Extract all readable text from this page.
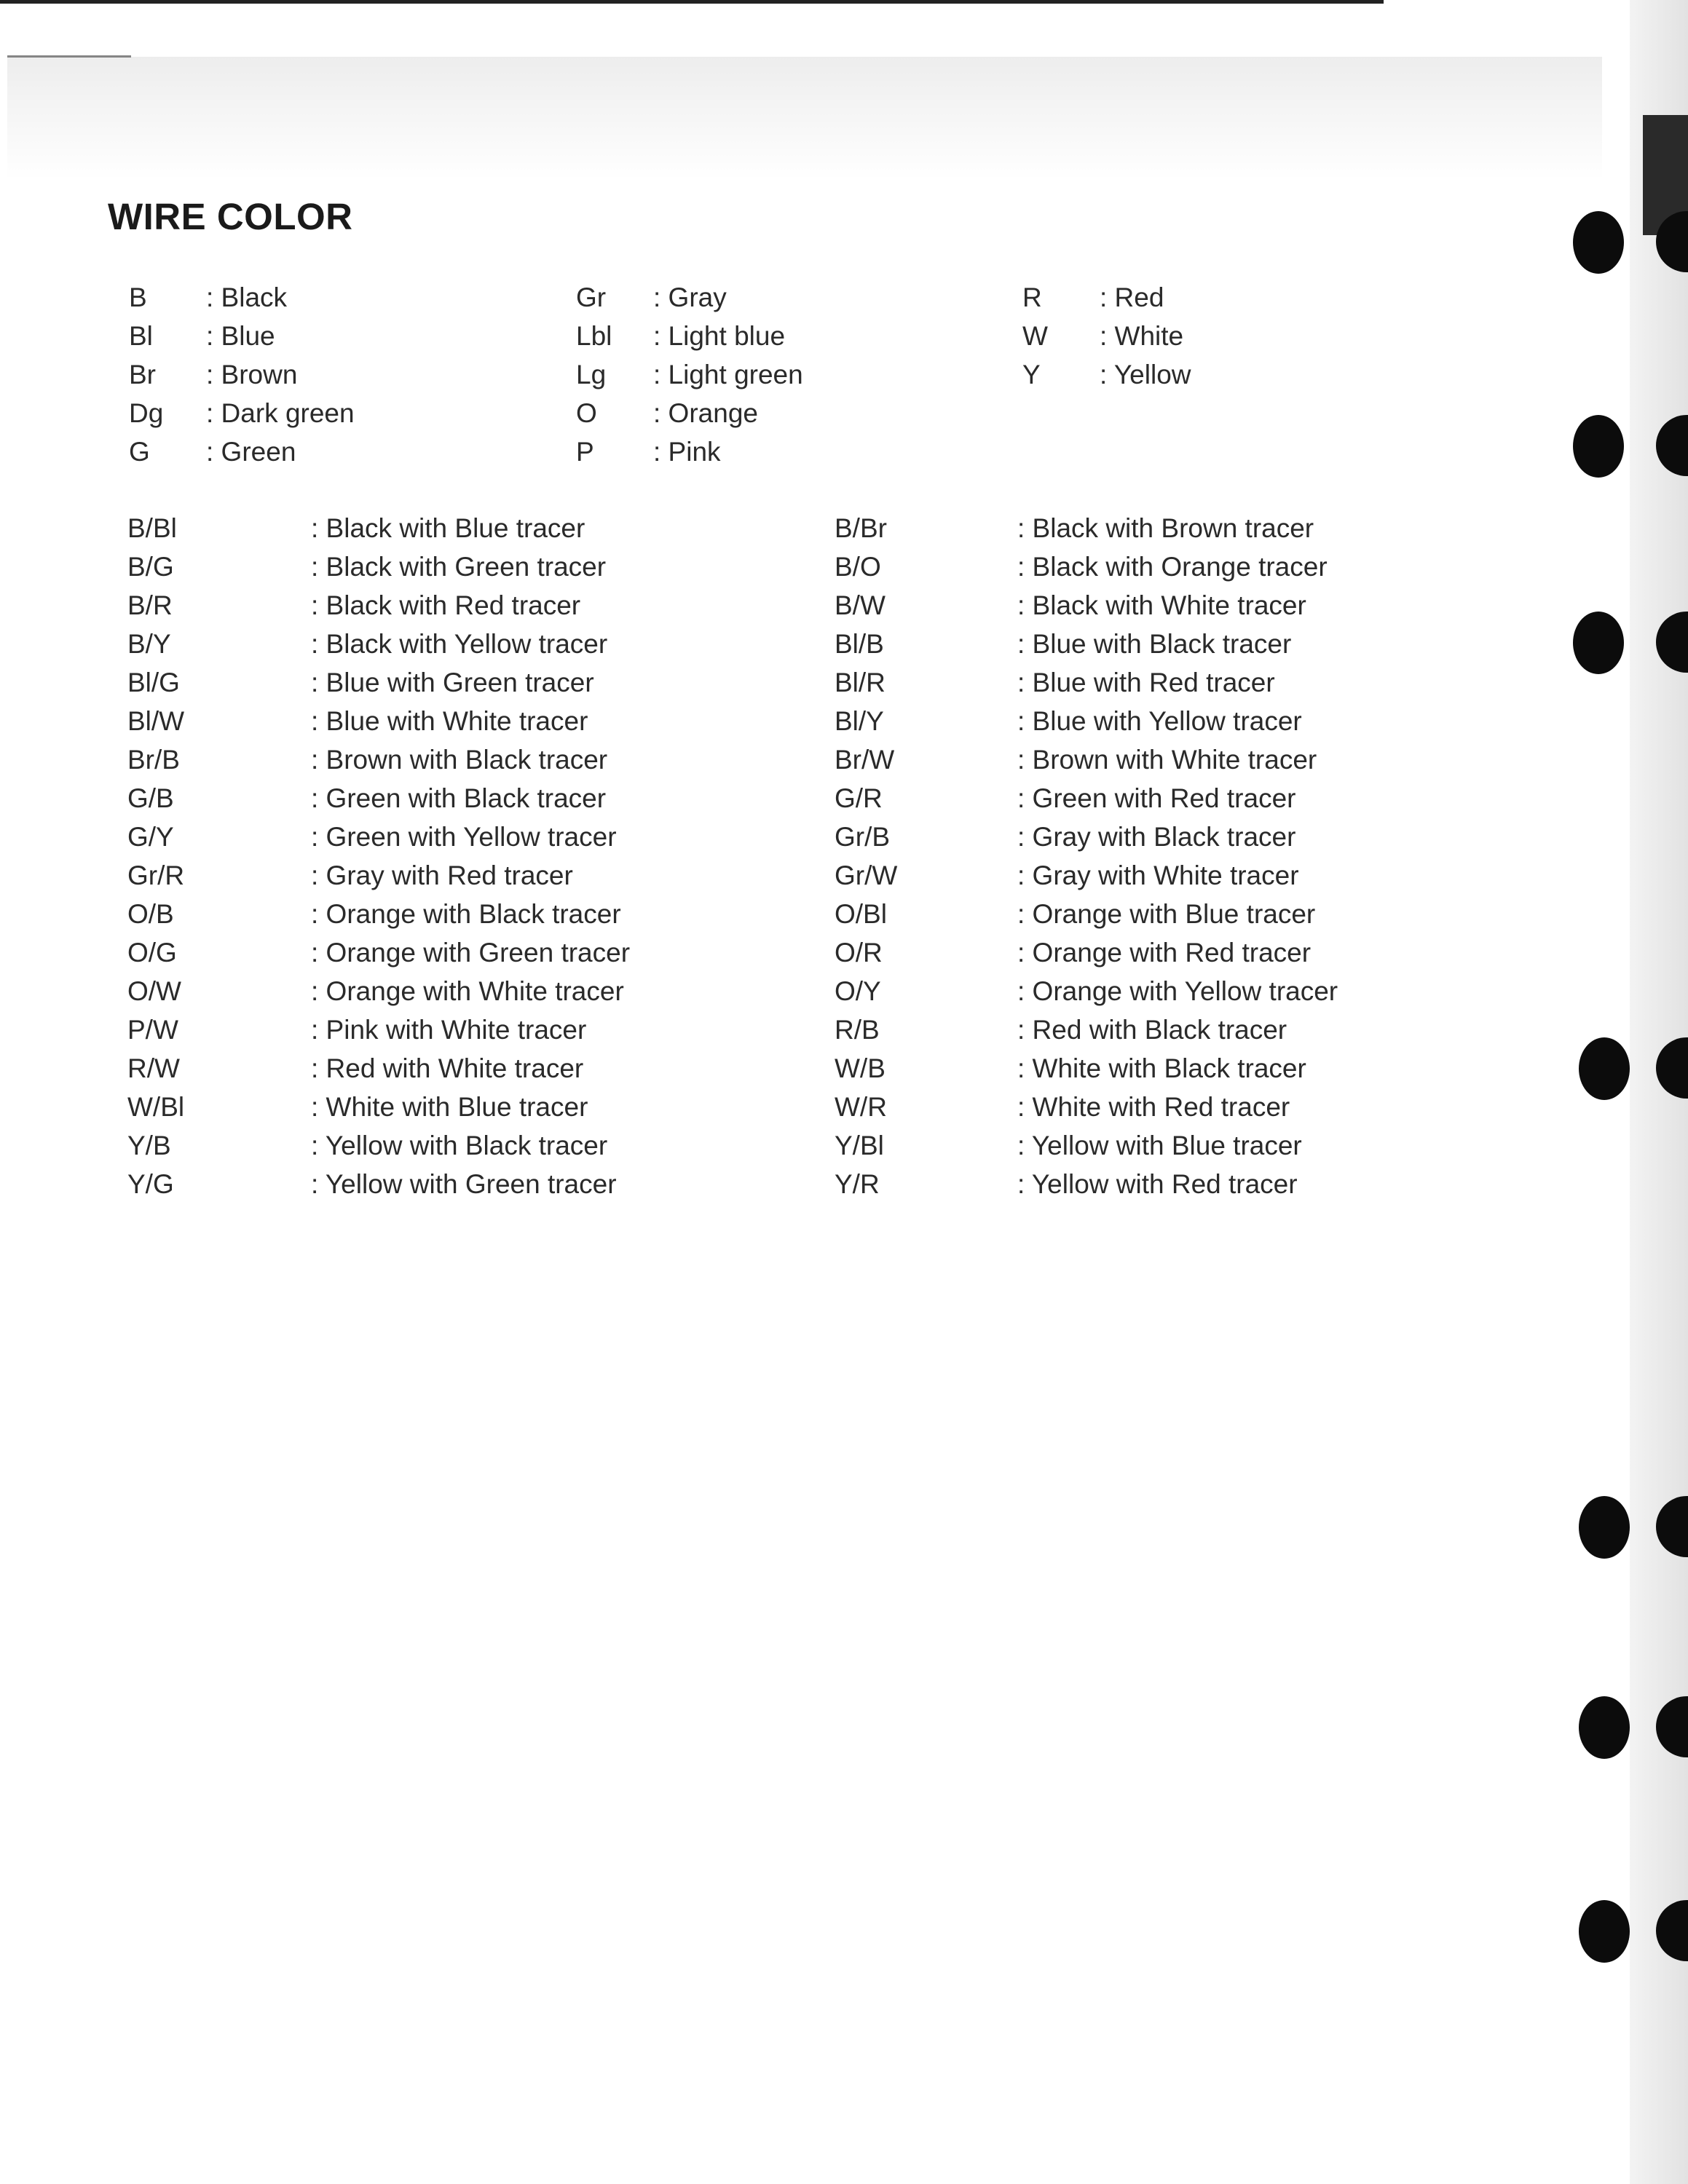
WIRE COLOR
B : Black	Gr : Gray	R : Red
Bl : Blue	Lbl : Light blue	W : White
Br : Brown	Lg : Light green	Y : Yellow
Dg : Dark green	O : Orange
G : Green	P : Pink
B/Bl	: Black with Blue tracer	B/Br	: Black with Brown tracer
B/G	: Black with Green tracer	B/O	: Black with Orange tracer
B/R	: Black with Red tracer	B/W	: Black with White tracer
B/Y	: Black with Yellow tracer	Bl/B	: Blue with Black tracer
Bl/G	: Blue with Green tracer	Bl/R	: Blue with Red tracer
Bl/W	: Blue with White tracer	Bl/Y	: Blue with Yellow tracer
Br/B	: Brown with Black tracer	Br/W	: Brown with White tracer
G/B	: Green with Black tracer	G/R	: Green with Red tracer
G/Y	: Green with Yellow tracer	Gr/B	: Gray with Black tracer
Gr/R	: Gray with Red tracer	Gr/W	: Gray with White tracer
O/B	: Orange with Black tracer	O/Bl	: Orange with Blue tracer
O/G	: Orange with Green tracer	O/R	: Orange with Red tracer
O/W	: Orange with White tracer	O/Y	: Orange with Yellow tracer
P/W	: Pink with White tracer	R/B	: Red with Black tracer
R/W	: Red with White tracer	W/B	: White with Black tracer
W/Bl	: White with Blue tracer	W/R	: White with Red tracer
Y/B	: Yellow with Black tracer	Y/Bl	: Yellow with Blue tracer
Y/G	: Yellow with Green tracer	Y/R	: Yellow with Red tracer
